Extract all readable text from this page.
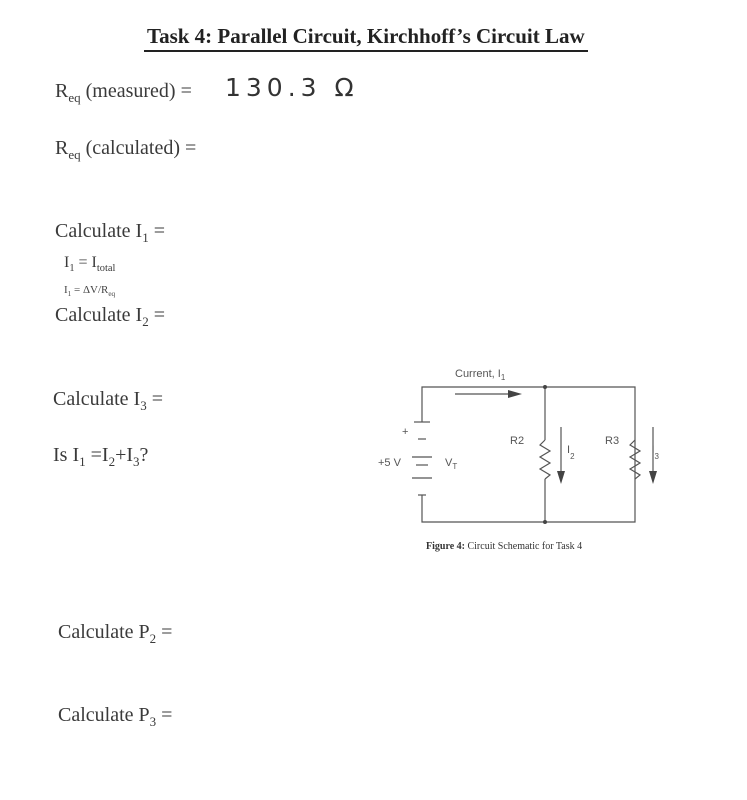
Task 4: Parallel Circuit, Kirchhoff’s Circuit Law
$R_{eq}$ (measured) = 130.3 Ω
$R_{eq}$ (calculated) =
Calculate $I_1$ =
$I_1 = I_{total}$
$I_1 = \Delta V/R_{eq}$
Calculate $I_2$ =
Calculate $I_3$ =
Is $I_1 =I_2+I_3$?
Calculate $P_2$ =
Calculate $P_3$ =
Current, $I_1$
+
+5 V	$V_T$
R2	R3
$I_2$
$I_3$
Figure 4: Circuit Schematic for Task 4
